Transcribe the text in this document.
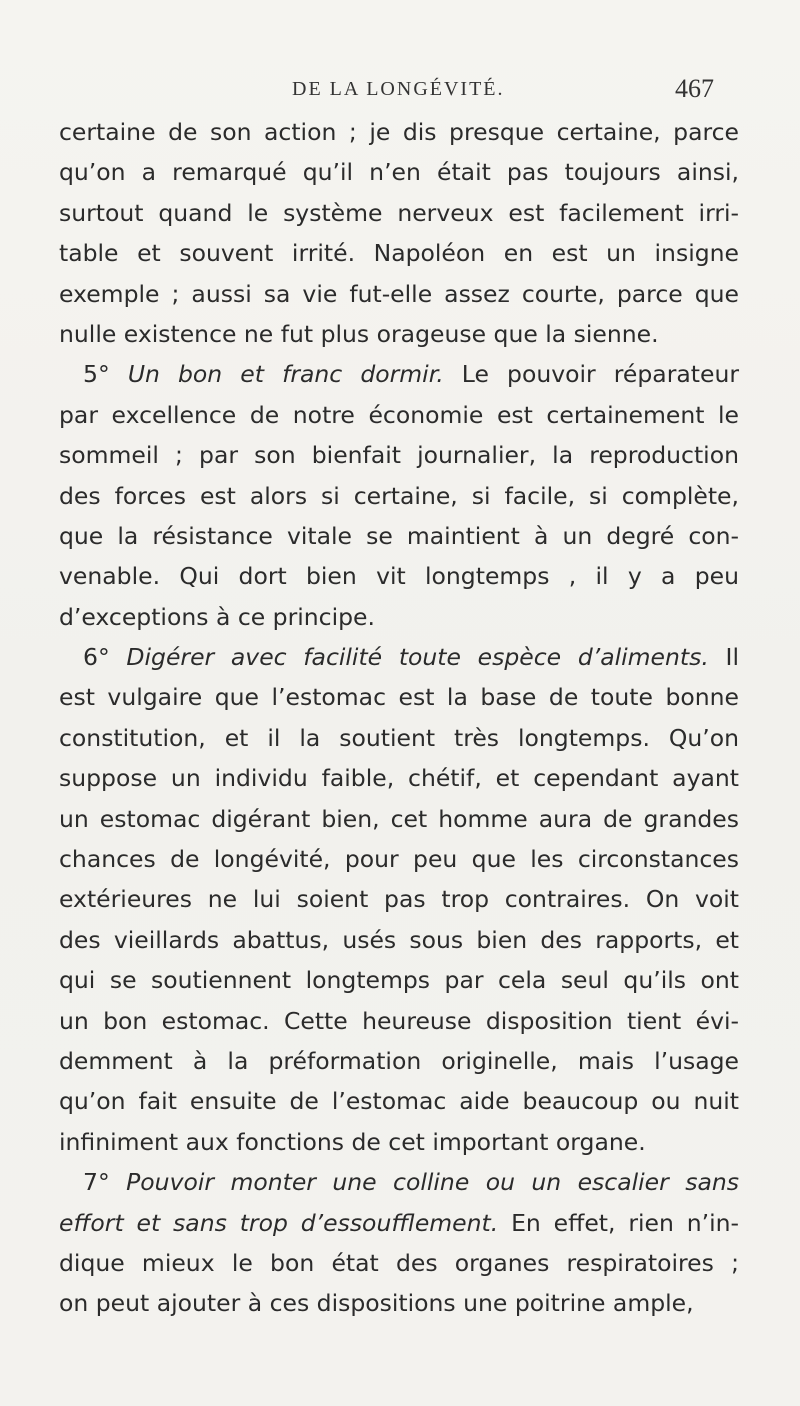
DE LA LONGÉVITÉ.	467
certaine de son action ; je dis presque certaine, parce
qu’on a remarqué qu’il n’en était pas toujours ainsi,
surtout quand le système nerveux est facilement irri-
table et souvent irrité. Napoléon en est un insigne
exemple ; aussi sa vie fut-elle assez courte, parce que
nulle existence ne fut plus orageuse que la sienne.
5° Un bon et franc dormir. Le pouvoir réparateur
par excellence de notre économie est certainement le
sommeil ; par son bienfait journalier, la reproduction
des forces est alors si certaine, si facile, si complète,
que la résistance vitale se maintient à un degré con-
venable. Qui dort bien vit longtemps , il y a peu
d’exceptions à ce principe.
6° Digérer avec facilité toute espèce d’aliments. Il
est vulgaire que l’estomac est la base de toute bonne
constitution, et il la soutient très longtemps. Qu’on
suppose un individu faible, chétif, et cependant ayant
un estomac digérant bien, cet homme aura de grandes
chances de longévité, pour peu que les circonstances
extérieures ne lui soient pas trop contraires. On voit
des vieillards abattus, usés sous bien des rapports, et
qui se soutiennent longtemps par cela seul qu’ils ont
un bon estomac. Cette heureuse disposition tient évi-
demment à la préformation originelle, mais l’usage
qu’on fait ensuite de l’estomac aide beaucoup ou nuit
infiniment aux fonctions de cet important organe.
7° Pouvoir monter une colline ou un escalier sans
effort et sans trop d’essoufflement. En effet, rien n’in-
dique mieux le bon état des organes respiratoires ;
on peut ajouter à ces dispositions une poitrine ample,
